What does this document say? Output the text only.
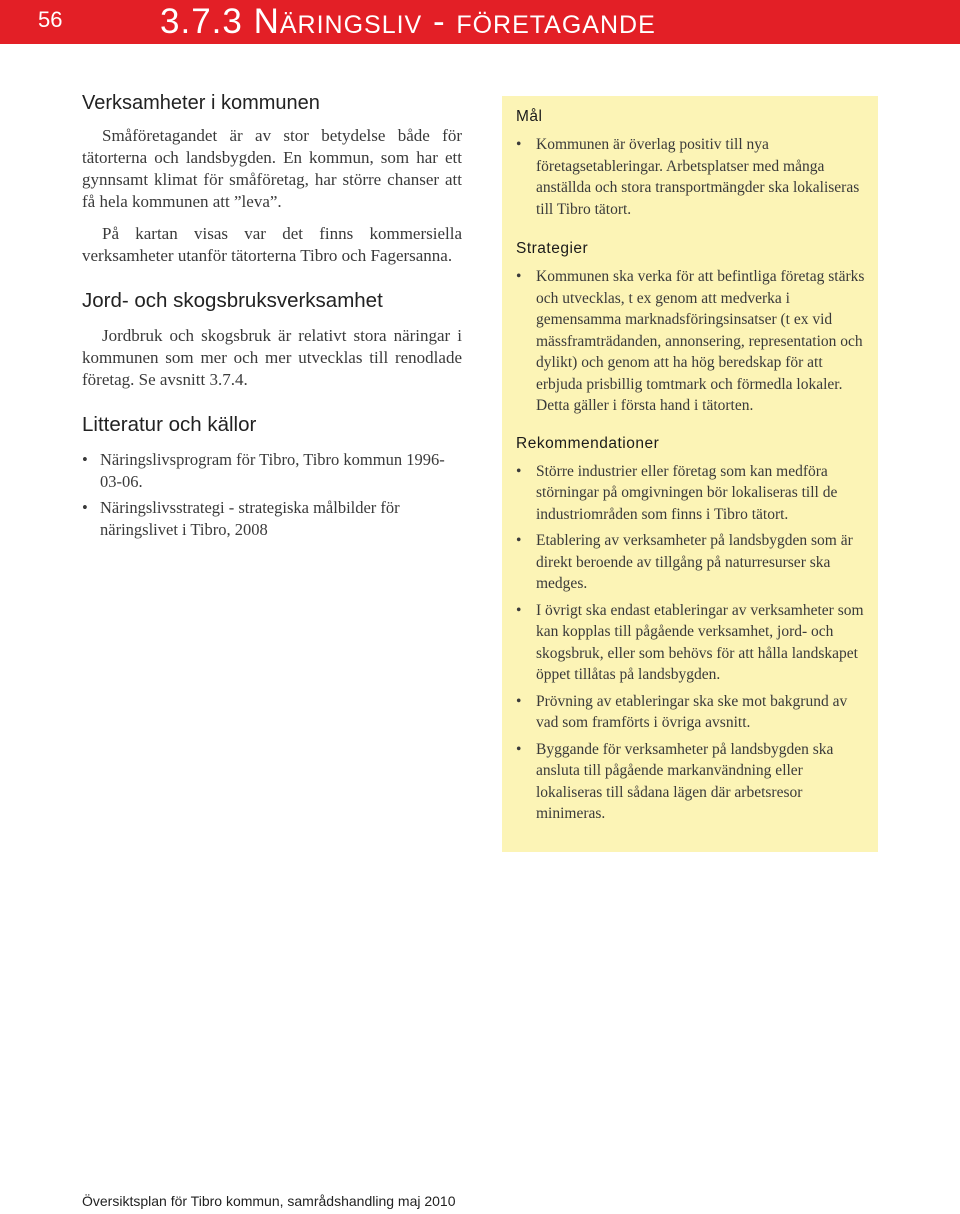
56	3.7.3 Näringsliv - företagande
Verksamheter i kommunen

Småföretagandet är av stor betydelse både för tätorterna och landsbygden. En kommun, som har ett gynnsamt klimat för småföretag, har större chanser att få hela kommunen att ”leva”.

På kartan visas var det finns kommersiella verksamheter utanför tätorterna Tibro och Fagersanna.

Jord- och skogsbruksverksamhet

Jordbruk och skogsbruk är relativt stora näringar i kommunen som mer och mer utvecklas till renodlade företag. Se avsnitt 3.7.4.

Litteratur och källor
• Näringslivsprogram för Tibro, Tibro kommun 1996-03-06.
• Näringslivsstrategi - strategiska målbilder för näringslivet i Tibro, 2008
Mål
• Kommunen är överlag positiv till nya företagsetableringar. Arbetsplatser med många anställda och stora transportmängder ska lokaliseras till Tibro tätort.
Strategier
• Kommunen ska verka för att befintliga företag stärks och utvecklas, t ex genom att medverka i gemensamma marknadsföringsinsatser (t ex vid mässframträdanden, annonsering, representation och dylikt) och genom att ha hög beredskap för att erbjuda prisbillig tomtmark och förmedla lokaler. Detta gäller i första hand i tätorten.
Rekommendationer
• Större industrier eller företag som kan medföra störningar på omgivningen bör lokaliseras till de industriområden som finns i Tibro tätort.
• Etablering av verksamheter på landsbygden som är direkt beroende av tillgång på naturresurser ska medges.
• I övrigt ska endast etableringar av verksamheter som kan kopplas till pågående verksamhet, jord- och skogsbruk, eller som behövs för att hålla landskapet öppet tillåtas på landsbygden.
• Prövning av etableringar ska ske mot bakgrund av vad som framförts i övriga avsnitt.
• Byggande för verksamheter på landsbygden ska ansluta till pågående markanvändning eller lokaliseras till sådana lägen där arbetsresor minimeras.
Översiktsplan för Tibro kommun, samrådshandling maj 2010
